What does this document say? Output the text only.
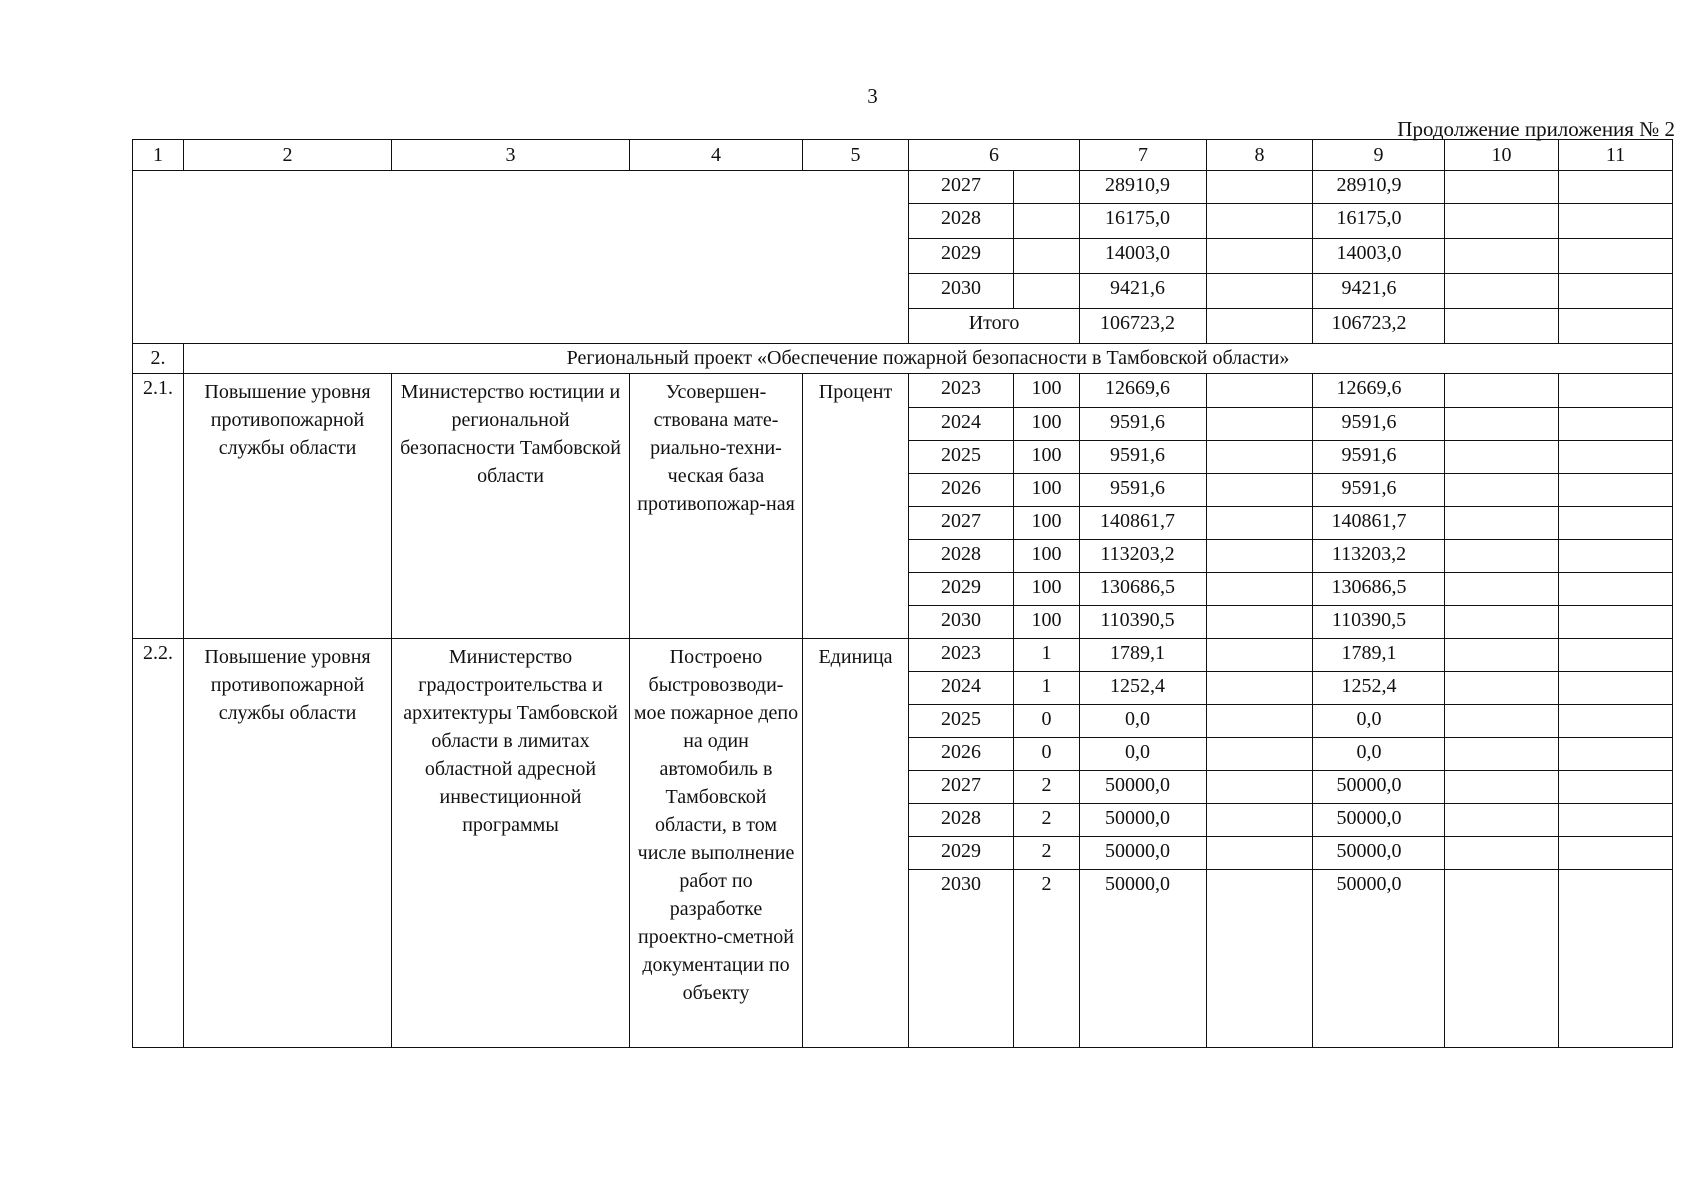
3
Продолжение приложения № 2
1	2	3	4	5	6		7	8	9	10	11
					2027		28910,9		28910,9		
					2028		16175,0		16175,0		
					2029		14003,0		14003,0		
					2030		9421,6		9421,6		
					Итого		106723,2		106723,2		
2.	Региональный проект «Обеспечение пожарной безопасности в Тамбовской области»										
2.1.	Повышение уровня противопожарной службы области	Министерство юстиции и региональной безопасности Тамбовской области	Усовершен-ствована мате-риально-техни-ческая база противопожар-ная	Процент	2023	100	12669,6		12669,6		
					2024	100	9591,6		9591,6		
					2025	100	9591,6		9591,6		
					2026	100	9591,6		9591,6		
					2027	100	140861,7		140861,7		
					2028	100	113203,2		113203,2		
					2029	100	130686,5		130686,5		
					2030	100	110390,5		110390,5		
2.2.	Повышение уровня противопожарной службы области	Министерство градостроительства и архитектуры Тамбовской области в лимитах областной адресной инвестиционной программы	Построено быстровозводи-мое пожарное депо на один автомобиль в Тамбовской области, в том числе выполнение работ по разработке проектно-сметной документации по объекту	Единица	2023	1	1789,1		1789,1		
					2024	1	1252,4		1252,4		
					2025	0	0,0		0,0		
					2026	0	0,0		0,0		
					2027	2	50000,0		50000,0		
					2028	2	50000,0		50000,0		
					2029	2	50000,0		50000,0		
					2030	2	50000,0		50000,0		
